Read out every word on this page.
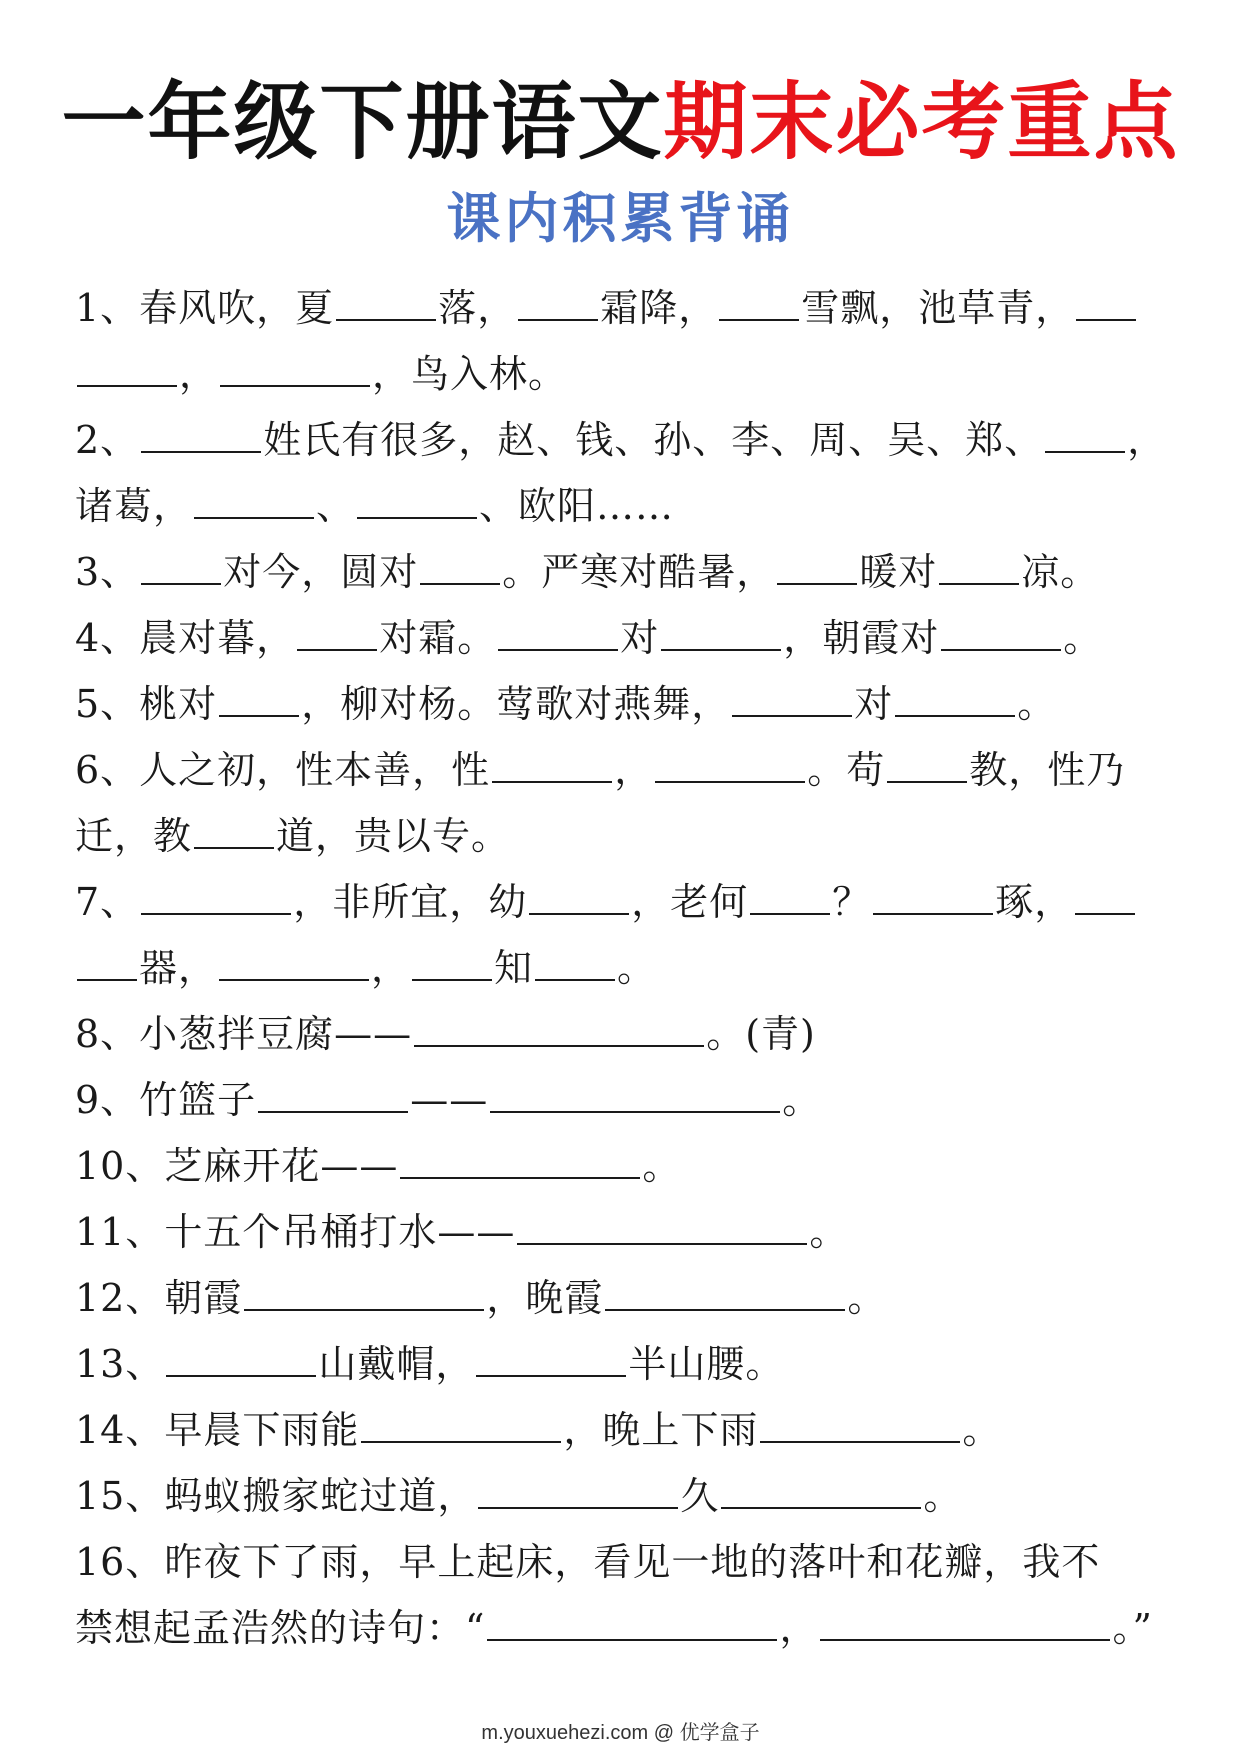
一年级下册语文期末必考重点
课内积累背诵
1、春风吹，夏	落， 霜降， 雪飘，池草青，
，	，鸟入林。
2、	姓氏有很多，赵、钱、孙、李、周、吴、郑、 ，
诸葛，	、	、欧阳……
3、 对今，圆对 。严寒对酷暑， 暖对 凉。
4、晨对暮， 对霜。	对	，朝霞对	。
5、桃对 ，柳对杨。莺歌对燕舞，	对	。
6、人之初，性本善，性	，	。苟 教，性乃
迁，教 道，贵以专。
7、	，非所宜，幼	，老何 ？	琢，
器，	， 知 。
8、小葱拌豆腐——	。(青)
9、竹篮子	——	。
10、芝麻开花——	。
11、十五个吊桶打水——	。
12、朝霞	，晚霞	。
13、	山戴帽，	半山腰。
14、早晨下雨能	，晚上下雨	。
15、蚂蚁搬家蛇过道，	久	。
16、昨夜下了雨，早上起床，看见一地的落叶和花瓣，我不
禁想起孟浩然的诗句：“	，	。”
m.youxuehezi.com @ 优学盒子
